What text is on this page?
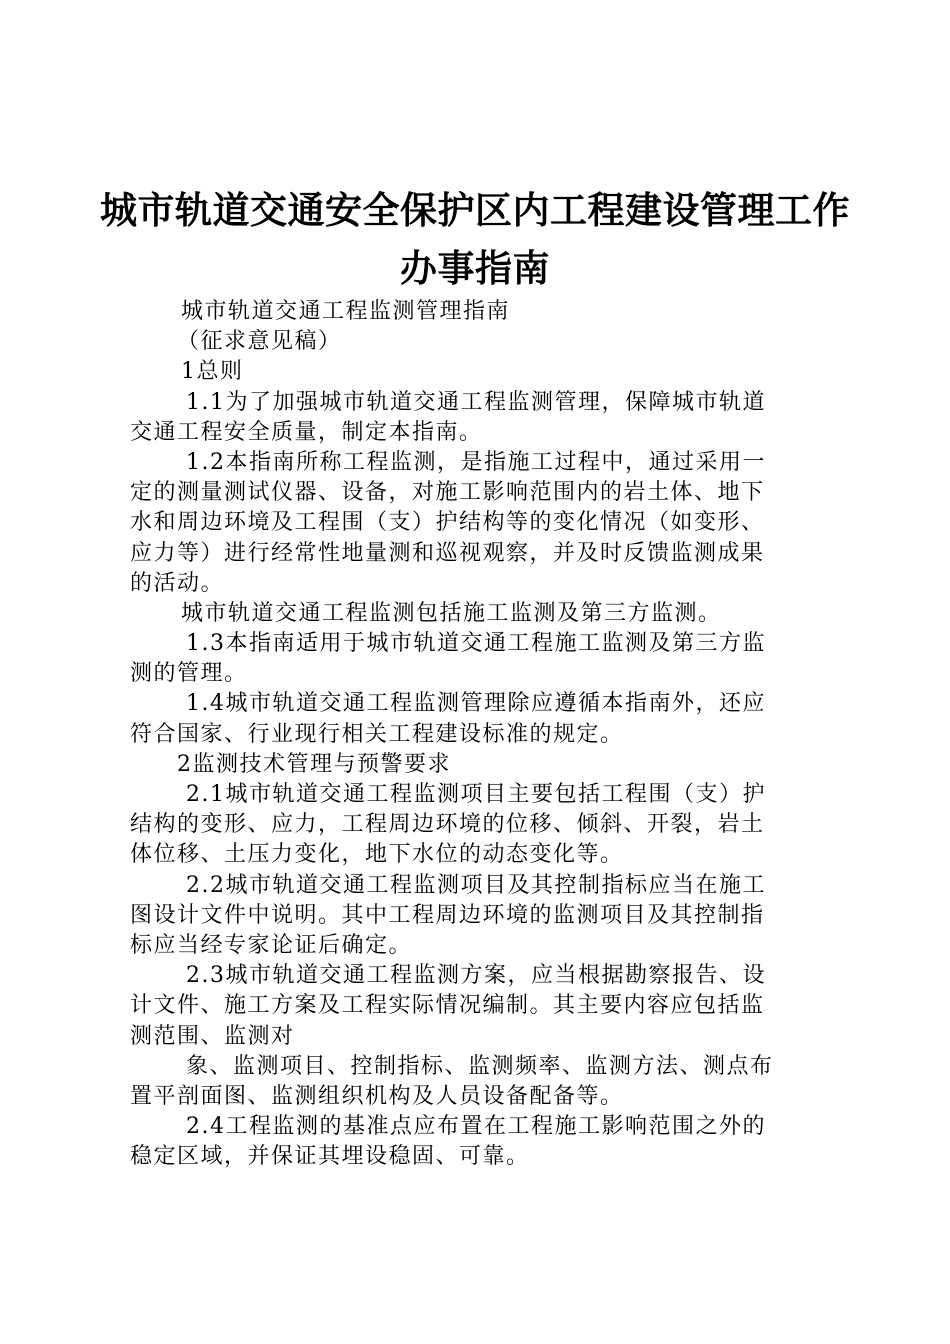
城市轨道交通安全保护区内工程建设管理工作
办事指南
城市轨道交通工程监测管理指南
（征求意见稿）
1总则
1.1为了加强城市轨道交通工程监测管理，保障城市轨道
交通工程安全质量，制定本指南。
1.2本指南所称工程监测，是指施工过程中，通过采用一
定的测量测试仪器、设备，对施工影响范围内的岩土体、地下
水和周边环境及工程围（支）护结构等的变化情况（如变形、
应力等）进行经常性地量测和巡视观察，并及时反馈监测成果
的活动。
城市轨道交通工程监测包括施工监测及第三方监测。
1.3本指南适用于城市轨道交通工程施工监测及第三方监
测的管理。
1.4城市轨道交通工程监测管理除应遵循本指南外，还应
符合国家、行业现行相关工程建设标准的规定。
2监测技术管理与预警要求
2.1城市轨道交通工程监测项目主要包括工程围（支）护
结构的变形、应力，工程周边环境的位移、倾斜、开裂，岩土
体位移、土压力变化，地下水位的动态变化等。
2.2城市轨道交通工程监测项目及其控制指标应当在施工
图设计文件中说明。其中工程周边环境的监测项目及其控制指
标应当经专家论证后确定。
2.3城市轨道交通工程监测方案，应当根据勘察报告、设
计文件、施工方案及工程实际情况编制。其主要内容应包括监
测范围、监测对
象、监测项目、控制指标、监测频率、监测方法、测点布
置平剖面图、监测组织机构及人员设备配备等。
2.4工程监测的基准点应布置在工程施工影响范围之外的
稳定区域，并保证其埋设稳固、可靠。
